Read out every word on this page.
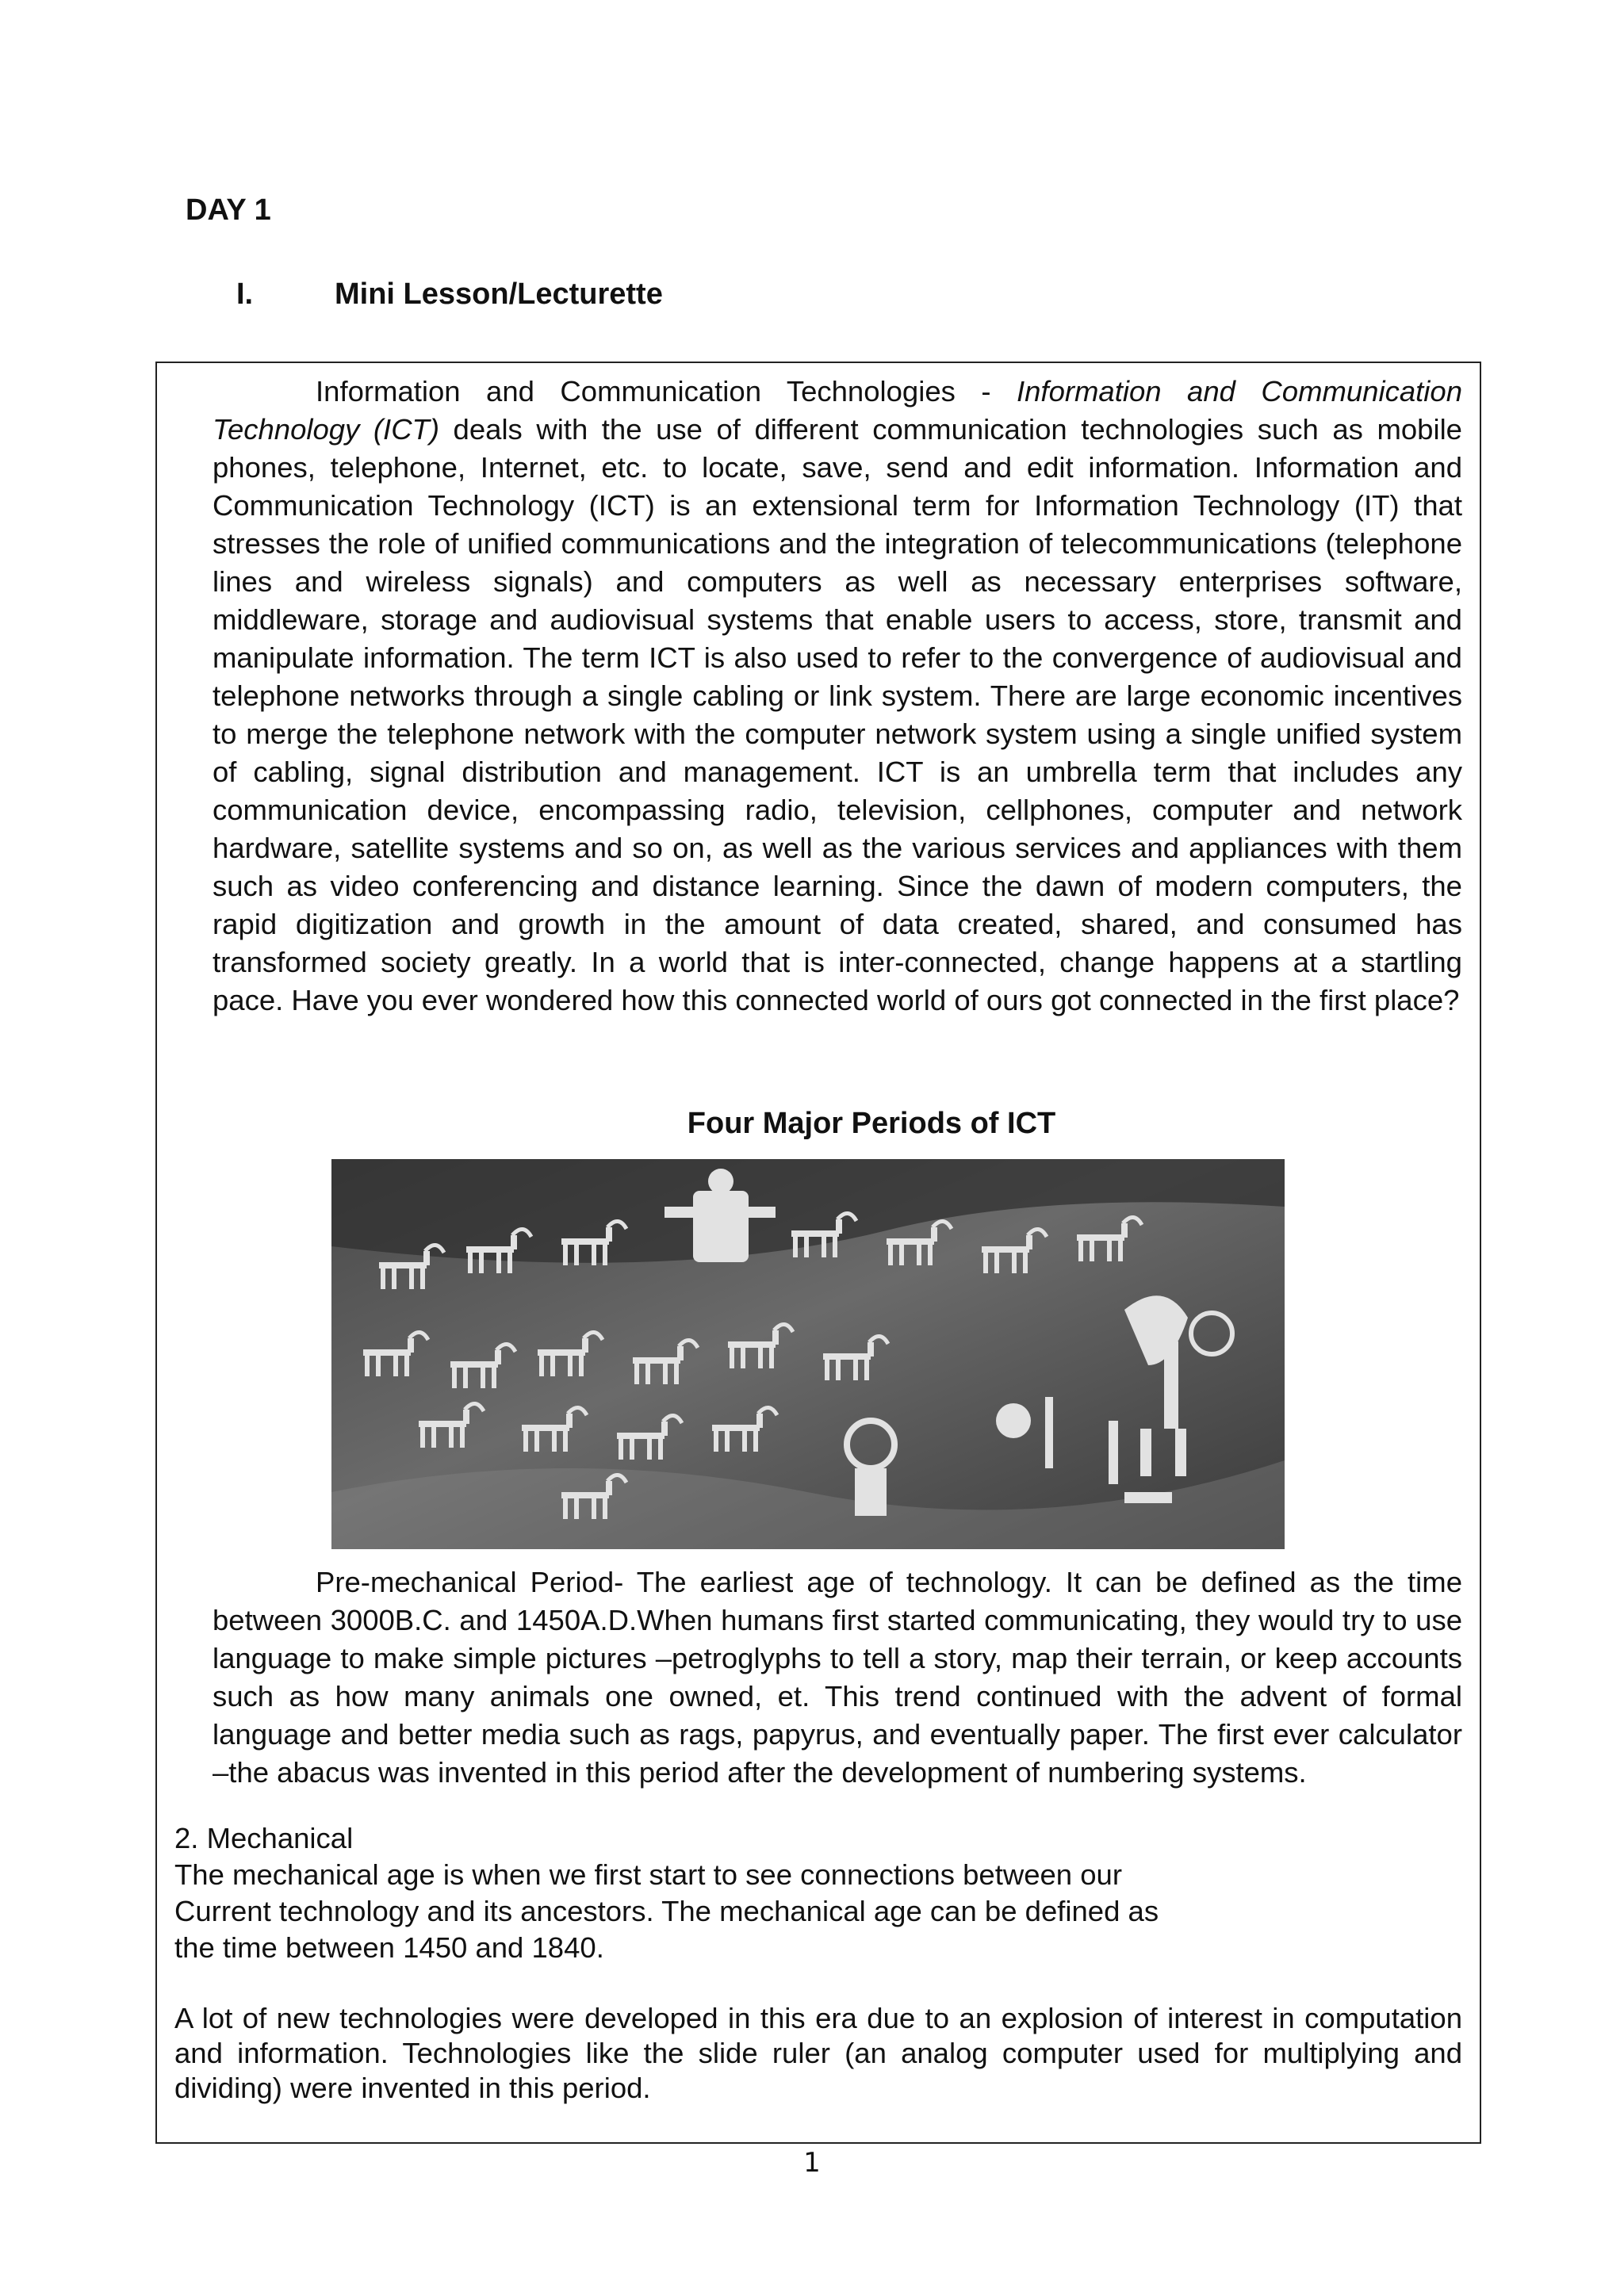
DAY 1
I.	Mini Lesson/Lecturette

Information and Communication Technologies - Information and Communication Technology (ICT) deals with the use of different communication technologies such as mobile phones, telephone, Internet, etc. to locate, save, send and edit information. Information and Communication Technology (ICT) is an extensional term for Information Technology (IT) that stresses the role of unified communications and the integration of telecommunications (telephone lines and wireless signals) and computers as well as necessary enterprises software, middleware, storage and audiovisual systems that enable users to access, store, transmit and manipulate information. The term ICT is also used to refer to the convergence of audiovisual and telephone networks through a single cabling or link system. There are large economic incentives to merge the telephone network with the computer network system using a single unified system of cabling, signal distribution and management. ICT is an umbrella term that includes any communication device, encompassing radio, television, cellphones, computer and network hardware, satellite systems and so on, as well as the various services and appliances with them such as video conferencing and distance learning. Since the dawn of modern computers, the rapid digitization and growth in the amount of data created, shared, and consumed has transformed society greatly. In a world that is inter-connected, change happens at a startling pace. Have you ever wondered how this connected world of ours got connected in the first place?

Four Major Periods of ICT

Pre-mechanical Period- The earliest age of technology. It can be defined as the time between 3000B.C. and 1450A.D.When humans first started communicating, they would try to use language to make simple pictures –petroglyphs to tell a story, map their terrain, or keep accounts such as how many animals one owned, et. This trend continued with the advent of formal language and better media such as rags, papyrus, and eventually paper. The first ever calculator –the abacus was invented in this period after the development of numbering systems.

2. Mechanical
The mechanical age is when we first start to see connections between our
Current technology and its ancestors. The mechanical age can be defined as
the time between 1450 and 1840.

A lot of new technologies were developed in this era due to an explosion of interest in computation and information. Technologies like the slide ruler (an analog computer used for multiplying and dividing) were invented in this period.

1
